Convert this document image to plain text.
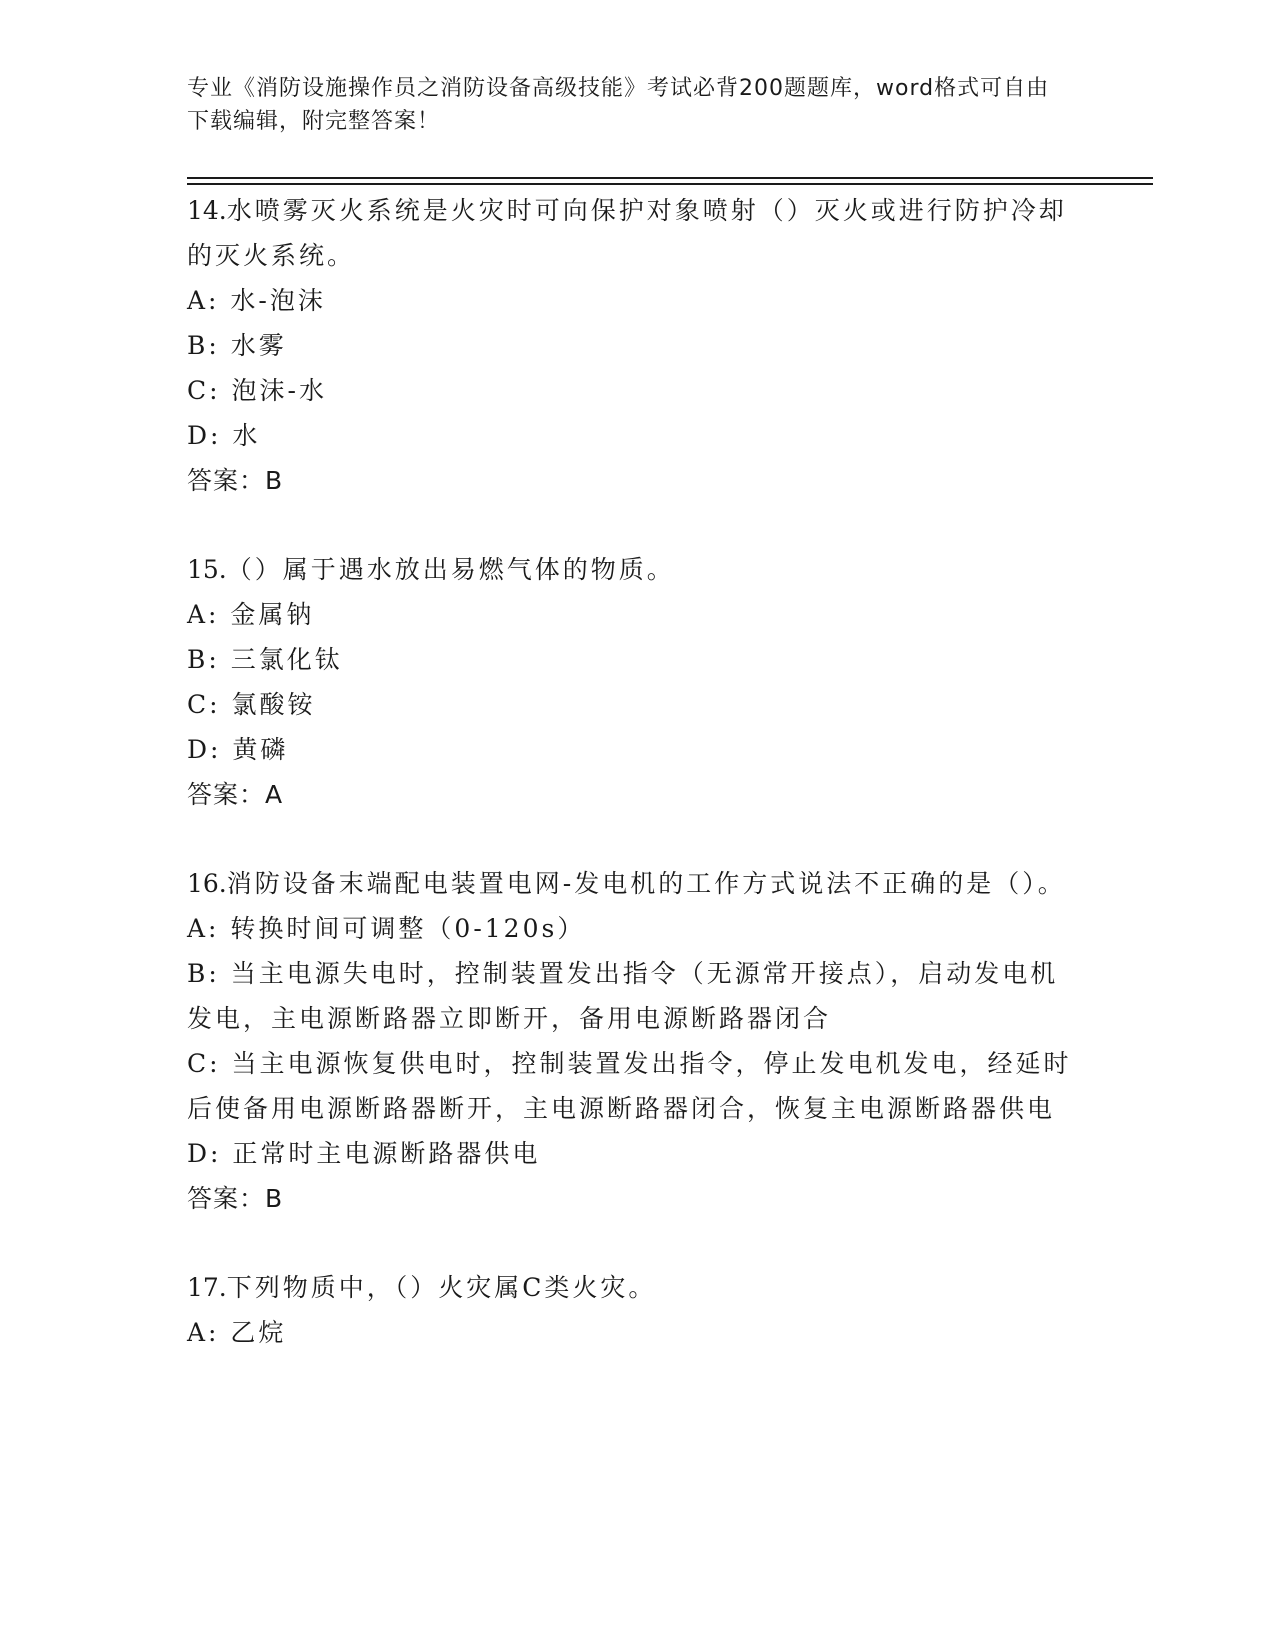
专业《消防设施操作员之消防设备高级技能》考试必背200题题库，word格式可自由下载编辑，附完整答案！

14.水喷雾灭火系统是火灾时可向保护对象喷射（）灭火或进行防护冷却的灭火系统。

A: 水-泡沫

B: 水雾

C: 泡沫-水

D: 水

答案：B

15.（）属于遇水放出易燃气体的物质。

A: 金属钠

B: 三氯化钛

C: 氯酸铵

D: 黄磷

答案：A

16.消防设备末端配电装置电网-发电机的工作方式说法不正确的是（）。

A: 转换时间可调整（0-120s）

B: 当主电源失电时，控制装置发出指令（无源常开接点），启动发电机发电，主电源断路器立即断开，备用电源断路器闭合

C: 当主电源恢复供电时，控制装置发出指令，停止发电机发电，经延时后使备用电源断路器断开，主电源断路器闭合，恢复主电源断路器供电

D: 正常时主电源断路器供电

答案：B

17.下列物质中，（）火灾属C类火灾。

A: 乙烷
